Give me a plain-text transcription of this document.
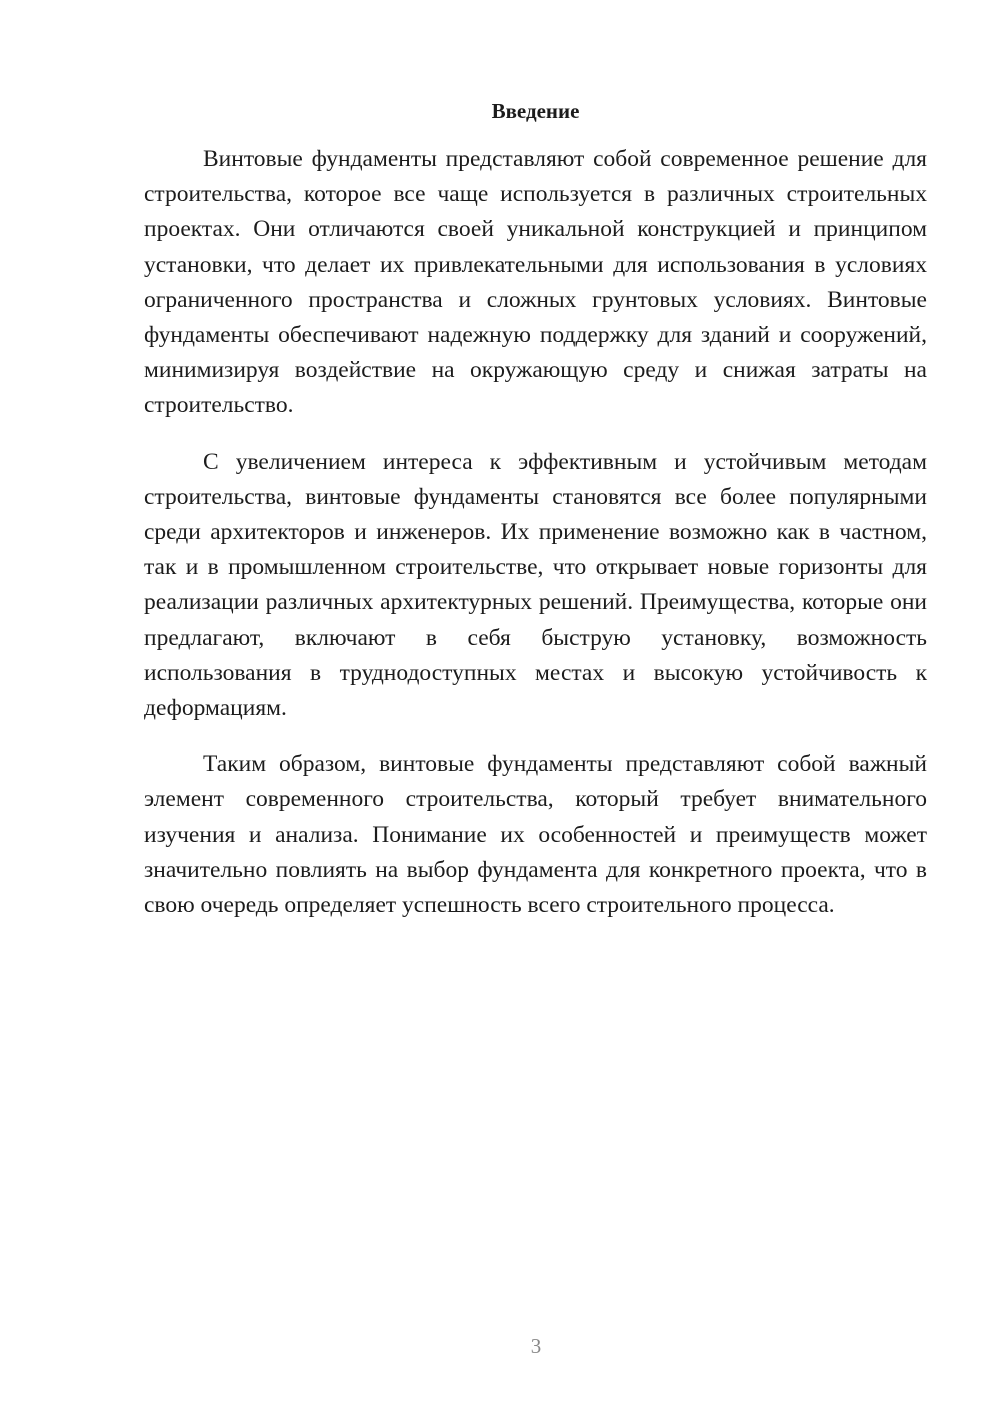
Введение

Винтовые фундаменты представляют собой современное решение для строительства, которое все чаще используется в различных строительных проектах. Они отличаются своей уникальной конструкцией и принципом установки, что делает их привлекательными для использования в условиях ограниченного пространства и сложных грунтовых условиях. Винтовые фундаменты обеспечивают надежную поддержку для зданий и сооружений, минимизируя воздействие на окружающую среду и снижая затраты на строительство.

С увеличением интереса к эффективным и устойчивым методам строительства, винтовые фундаменты становятся все более популярными среди архитекторов и инженеров. Их применение возможно как в частном, так и в промышленном строительстве, что открывает новые горизонты для реализации различных архитектурных решений. Преимущества, которые они предлагают, включают в себя быструю установку, возможность использования в труднодоступных местах и высокую устойчивость к деформациям.

Таким образом, винтовые фундаменты представляют собой важный элемент современного строительства, который требует внимательного изучения и анализа. Понимание их особенностей и преимуществ может значительно повлиять на выбор фундамента для конкретного проекта, что в свою очередь определяет успешность всего строительного процесса.

3
